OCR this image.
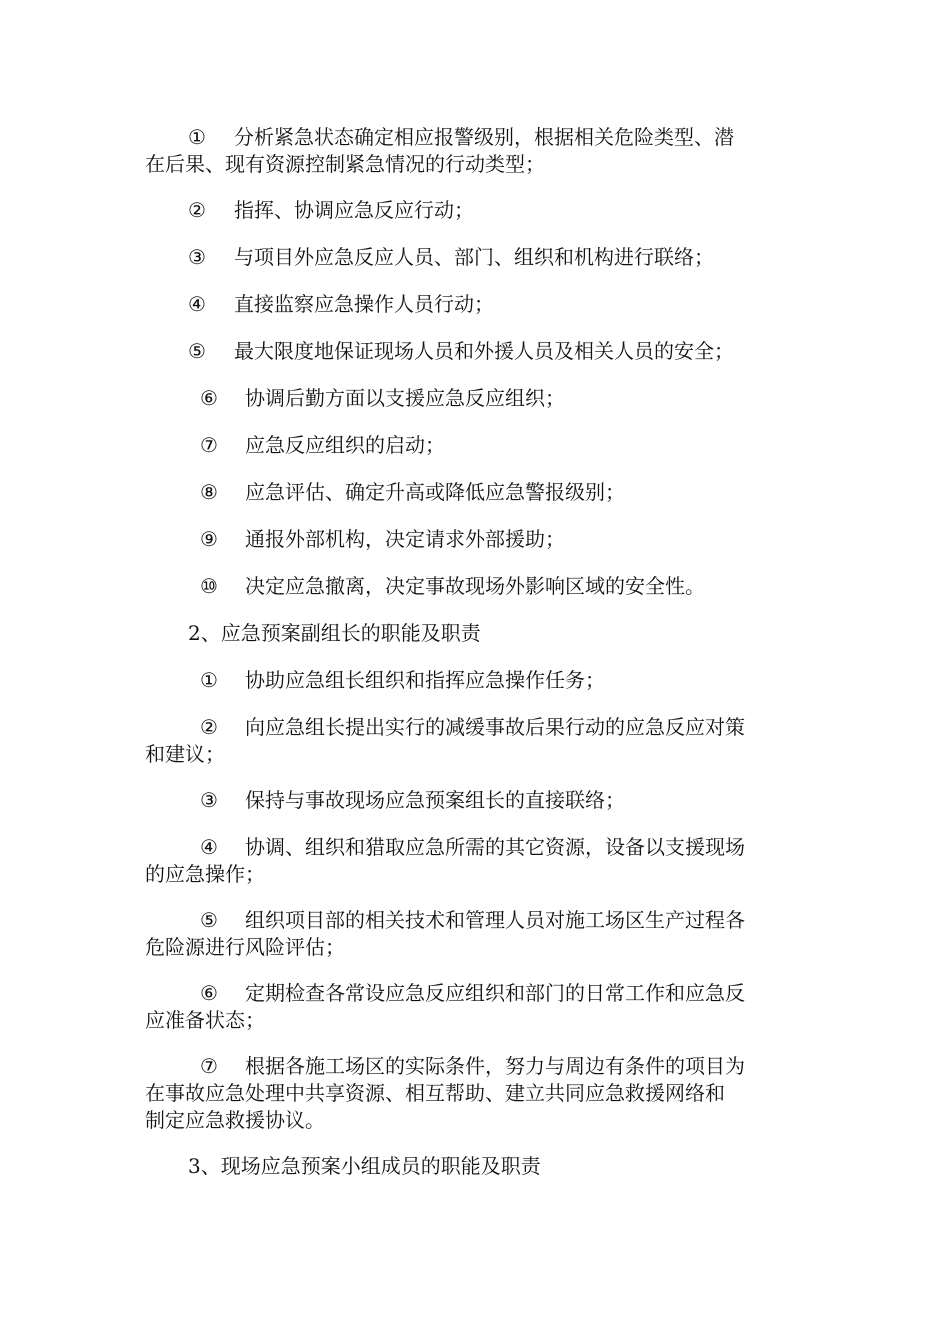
① 分析紧急状态确定相应报警级别，根据相关危险类型、潜
在后果、现有资源控制紧急情况的行动类型；
② 指挥、协调应急反应行动；
③ 与项目外应急反应人员、部门、组织和机构进行联络；
④ 直接监察应急操作人员行动；
⑤ 最大限度地保证现场人员和外援人员及相关人员的安全；
⑥ 协调后勤方面以支援应急反应组织；
⑦ 应急反应组织的启动；
⑧ 应急评估、确定升高或降低应急警报级别；
⑨ 通报外部机构，决定请求外部援助；
⑩ 决定应急撤离，决定事故现场外影响区域的安全性。
2、应急预案副组长的职能及职责
① 协助应急组长组织和指挥应急操作任务；
② 向应急组长提出实行的减缓事故后果行动的应急反应对策
和建议；
③ 保持与事故现场应急预案组长的直接联络；
④ 协调、组织和猎取应急所需的其它资源，设备以支援现场
的应急操作；
⑤ 组织项目部的相关技术和管理人员对施工场区生产过程各
危险源进行风险评估；
⑥ 定期检查各常设应急反应组织和部门的日常工作和应急反
应准备状态；
⑦ 根据各施工场区的实际条件，努力与周边有条件的项目为
在事故应急处理中共享资源、相互帮助、建立共同应急救援网络和
制定应急救援协议。
3、现场应急预案小组成员的职能及职责
